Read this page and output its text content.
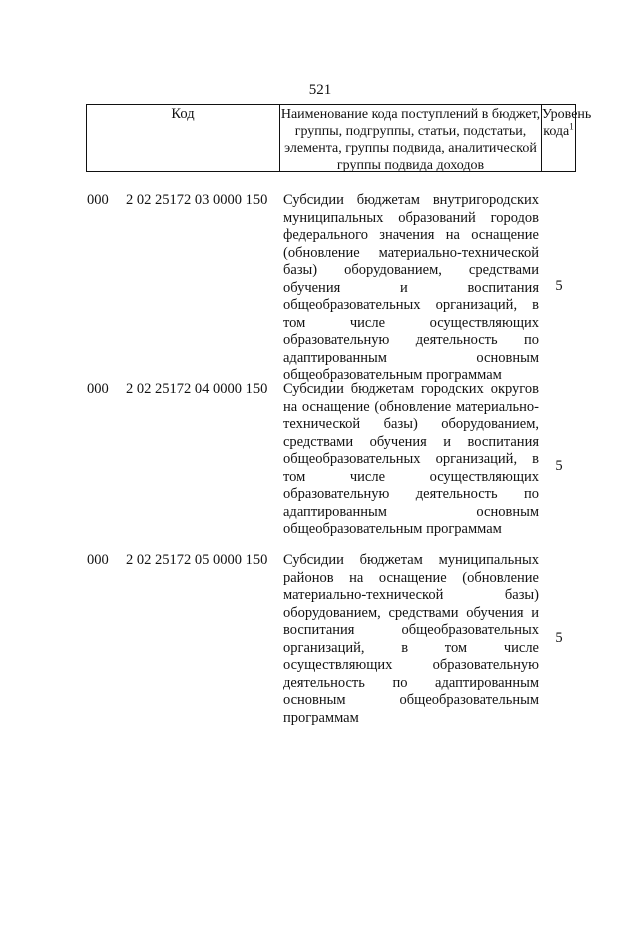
521
Код	Наименование кода поступлений в бюджет, группы, подгруппы, статьи, подстатьи, элемента, группы подвида, аналитической группы подвида доходов
Уровень кода$^1$
000 2 02 25172 03 0000 150 Субсидии бюджетам внутригородских муниципальных образований городов федерального значения на оснащение (обновление материально-технической базы) оборудованием, средствами обучения и воспитания общеобразовательных организаций, в том числе осуществляющих образовательную деятельность по адаптированным основным общеобразовательным программам
5
000 2 02 25172 04 0000 150 Субсидии бюджетам городских округов на оснащение (обновление материально-технической базы) оборудованием, средствами обучения и воспитания общеобразовательных организаций, в том числе осуществляющих образовательную деятельность по адаптированным основным общеобразовательным программам
5
000 2 02 25172 05 0000 150 Субсидии бюджетам муниципальных районов на оснащение (обновление материально-технической базы) оборудованием, средствами обучения и воспитания общеобразовательных организаций, в том числе осуществляющих образовательную деятельность по адаптированным основным общеобразовательным программам
5
